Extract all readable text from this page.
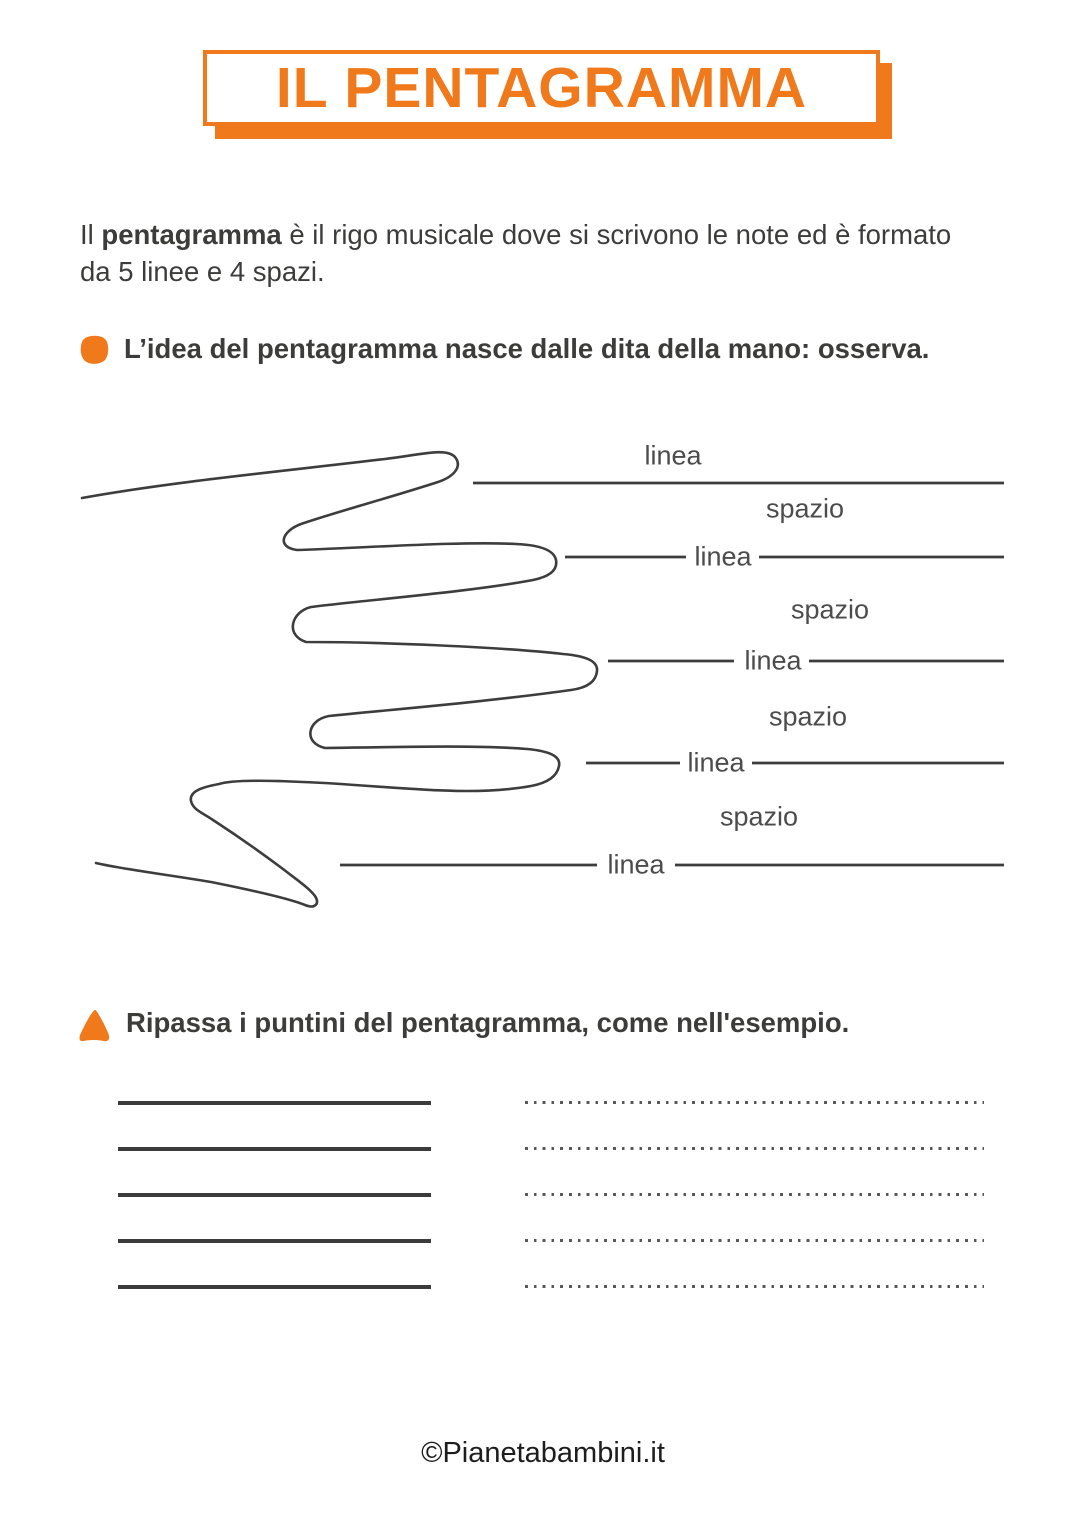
IL PENTAGRAMMA

Il pentagramma è il rigo musicale dove si scrivono le note ed è formato
da 5 linee e 4 spazi.

L’idea del pentagramma nasce dalle dita della mano: osserva.
linea
spazio
linea
spazio
linea
spazio
linea
spazio
linea
Ripassa i puntini del pentagramma, come nell'esempio.
©Pianetabambini.it
